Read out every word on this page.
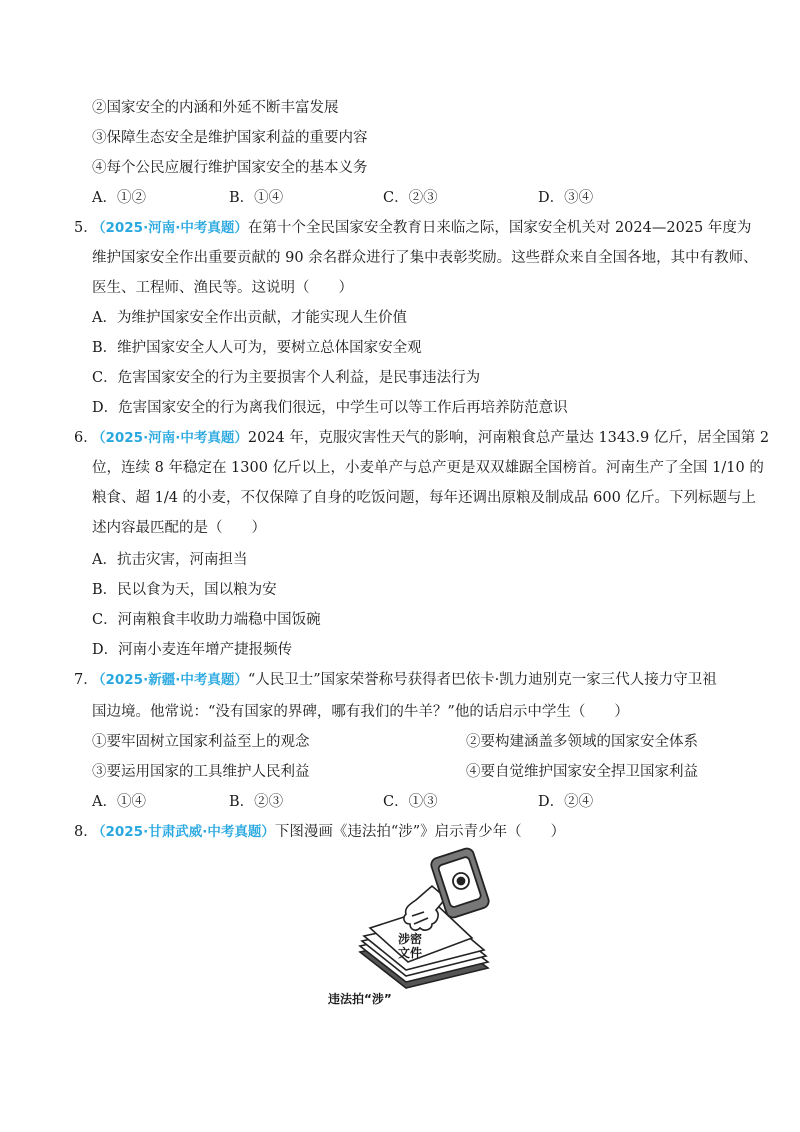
②国家安全的内涵和外延不断丰富发展
③保障生态安全是维护国家利益的重要内容
④每个公民应履行维护国家安全的基本义务
A．①②	B．①④	C．②③	D．③④
5．
（2025·河南·中考真题）在第十个全民国家安全教育日来临之际，国家安全机关对 2024—2025 年度为
维护国家安全作出重要贡献的 90 余名群众进行了集中表彰奖励。这些群众来自全国各地，其中有教师、
医生、工程师、渔民等。这说明（　　）
A．为维护国家安全作出贡献，才能实现人生价值
B．维护国家安全人人可为，要树立总体国家安全观
C．危害国家安全的行为主要损害个人利益，是民事违法行为
D．危害国家安全的行为离我们很远，中学生可以等工作后再培养防范意识
6．
（2025·河南·中考真题）2024 年，克服灾害性天气的影响，河南粮食总产量达 1343.9 亿斤，居全国第 2
位，连续 8 年稳定在 1300 亿斤以上，小麦单产与总产更是双双雄踞全国榜首。河南生产了全国 1/10 的
粮食、超 1/4 的小麦，不仅保障了自身的吃饭问题，每年还调出原粮及制成品 600 亿斤。下列标题与上
述内容最匹配的是（　　）
A．抗击灾害，河南担当
B．民以食为天，国以粮为安
C．河南粮食丰收助力端稳中国饭碗
D．河南小麦连年增产捷报频传
7．
（2025·新疆·中考真题）“人民卫士”国家荣誉称号获得者巴依卡·凯力迪别克一家三代人接力守卫祖
国边境。他常说：“没有国家的界碑，哪有我们的牛羊？”他的话启示中学生（　　）
①要牢固树立国家利益至上的观念	②要构建涵盖多领域的国家安全体系
③要运用国家的工具维护人民利益	④要自觉维护国家安全捍卫国家利益
A．①④	B．②③	C．①③	D．②④
8．
（2025·甘肃武威·中考真题）下图漫画《违法拍“涉”》启示青少年（　　）
涉密
文件
违法拍“涉”
